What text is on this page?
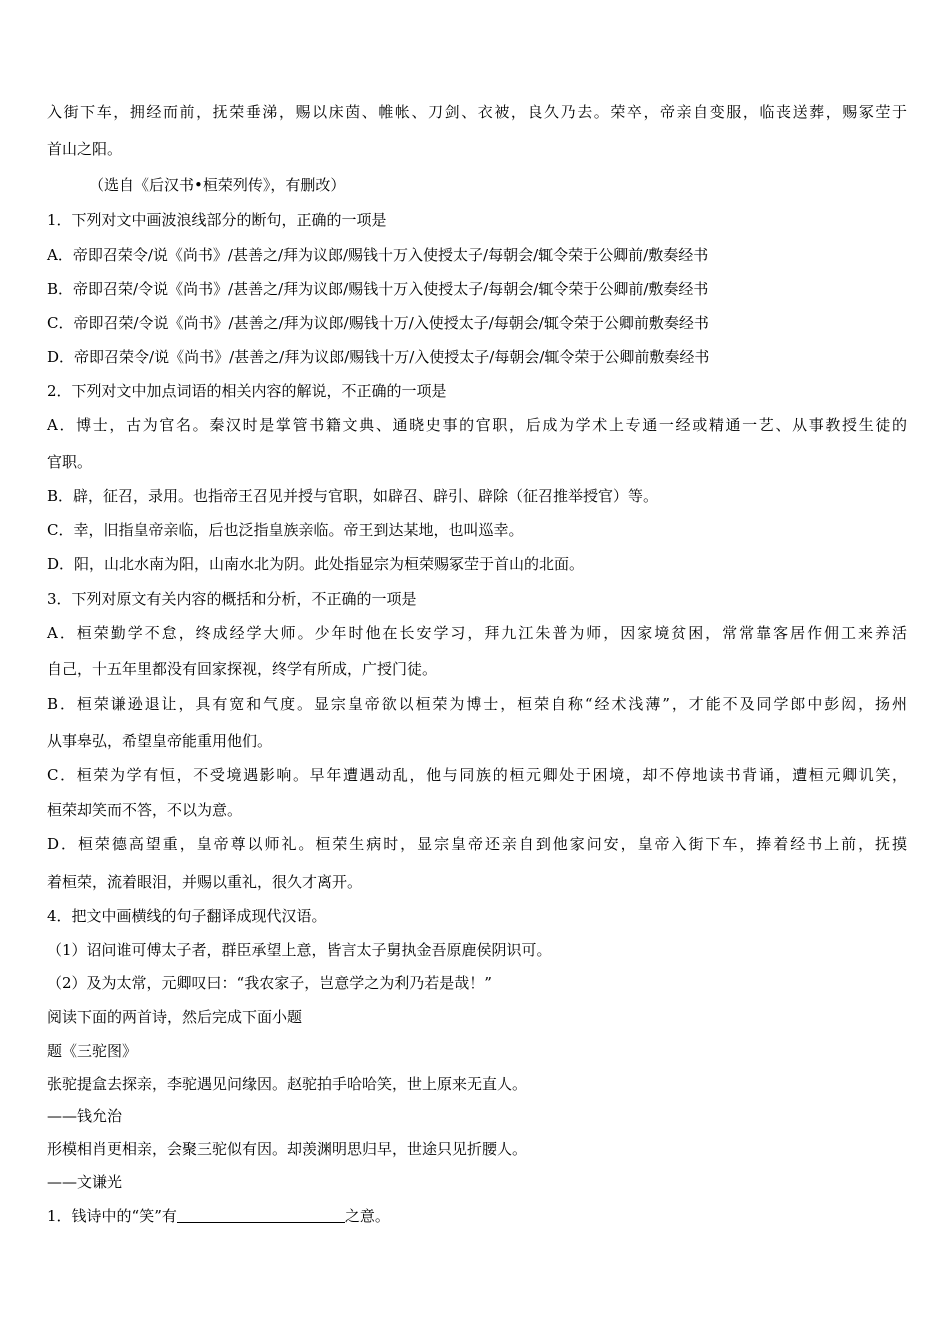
入街下车，拥经而前，抚荣垂涕，赐以床茵、帷帐、刀剑、衣被，良久乃去。荣卒，帝亲自变服，临丧送葬，赐冢茔于
首山之阳。
（选自《后汉书•桓荣列传》，有删改）
1．下列对文中画波浪线部分的断句，正确的一项是
A．帝即召荣令/说《尚书》/甚善之/拜为议郎/赐钱十万入使授太子/每朝会/辄令荣于公卿前/敷奏经书
B．帝即召荣/令说《尚书》/甚善之/拜为议郎/赐钱十万入使授太子/每朝会/辄令荣于公卿前/敷奏经书
C．帝即召荣/令说《尚书》/甚善之/拜为议郎/赐钱十万/入使授太子/每朝会/辄令荣于公卿前敷奏经书
D．帝即召荣令/说《尚书》/甚善之/拜为议郎/赐钱十万/入使授太子/每朝会/辄令荣于公卿前敷奏经书
2．下列对文中加点词语的相关内容的解说，不正确的一项是
A．博士，古为官名。秦汉时是掌管书籍文典、通晓史事的官职，后成为学术上专通一经或精通一艺、从事教授生徒的
官职。
B．辟，征召，录用。也指帝王召见并授与官职，如辟召、辟引、辟除（征召推举授官）等。
C．幸，旧指皇帝亲临，后也泛指皇族亲临。帝王到达某地，也叫巡幸。
D．阳，山北水南为阳，山南水北为阴。此处指显宗为桓荣赐冢茔于首山的北面。
3．下列对原文有关内容的概括和分析，不正确的一项是
A．桓荣勤学不怠，终成经学大师。少年时他在长安学习，拜九江朱普为师，因家境贫困，常常靠客居作佣工来养活
自己，十五年里都没有回家探视，终学有所成，广授门徒。
B．桓荣谦逊退让，具有宽和气度。显宗皇帝欲以桓荣为博士，桓荣自称“经术浅薄”，才能不及同学郎中彭闳，扬州
从事皋弘，希望皇帝能重用他们。
C．桓荣为学有恒，不受境遇影响。早年遭遇动乱，他与同族的桓元卿处于困境，却不停地读书背诵，遭桓元卿讥笑，
桓荣却笑而不答，不以为意。
D．桓荣德高望重，皇帝尊以师礼。桓荣生病时，显宗皇帝还亲自到他家问安，皇帝入街下车，捧着经书上前，抚摸
着桓荣，流着眼泪，并赐以重礼，很久才离开。
4．把文中画横线的句子翻译成现代汉语。
（1）诏问谁可傅太子者，群臣承望上意，皆言太子舅执金吾原鹿侯阴识可。
（2）及为太常，元卿叹曰：“我农家子，岂意学之为利乃若是哉！”
阅读下面的两首诗，然后完成下面小题
题《三驼图》
张驼提盒去探亲，李驼遇见问缘因。赵驼拍手哈哈笑，世上原来无直人。
——钱允治
形模相肖更相亲，会聚三驼似有因。却羡渊明思归早，世途只见折腰人。
——文谦光
1．钱诗中的“笑”有	之意。
